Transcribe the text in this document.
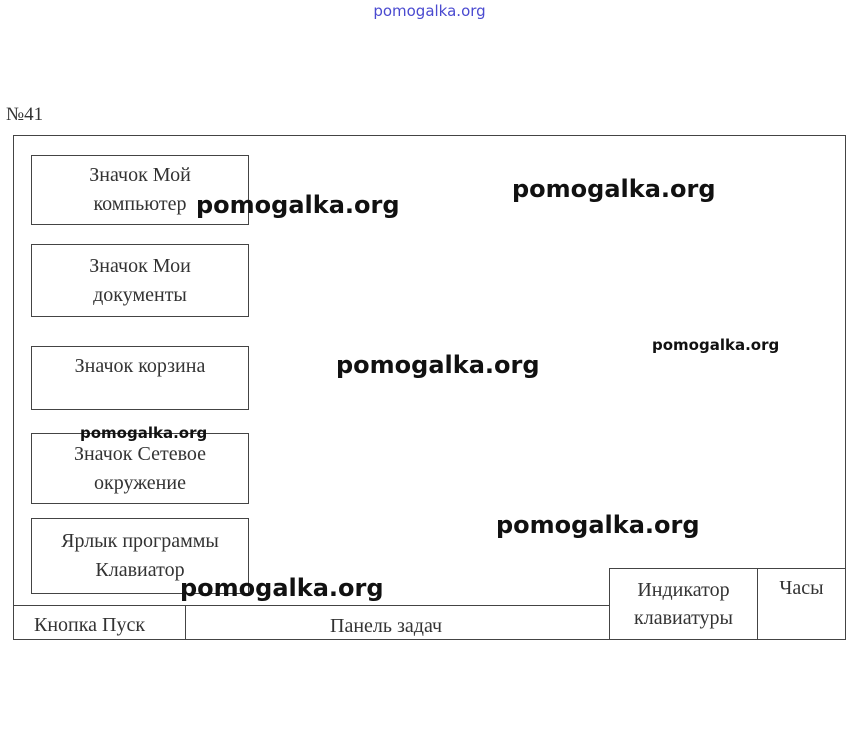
pomogalka.org
№41
Значок Мой
компьютер
Значок Мои
документы
Значок корзина
Значок Сетевое
окружение
Ярлык программы
Клавиатор
Кнопка Пуск	Панель задач
Индикатор
клавиатуры
Часы
pomogalka.org
pomogalka.org
pomogalka.org
pomogalka.org
pomogalka.org
pomogalka.org
pomogalka.org
